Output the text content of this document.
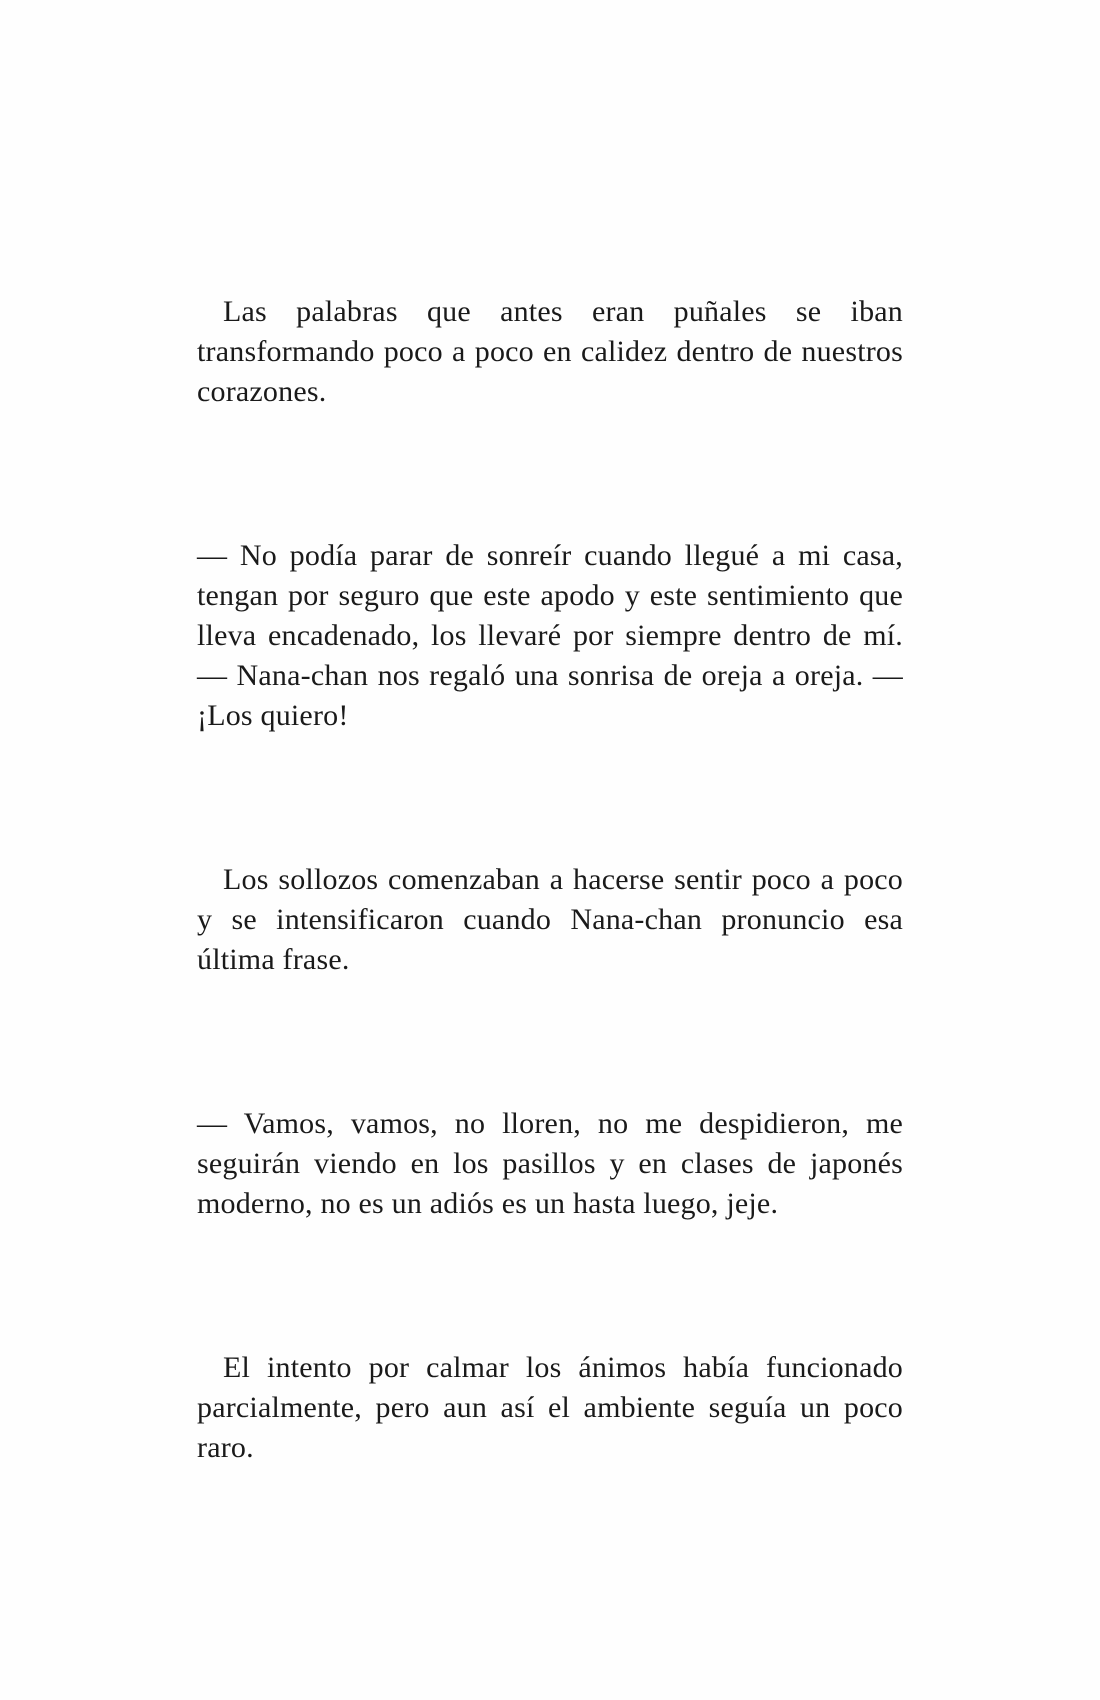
Las palabras que antes eran puñales se iban transformando poco a poco en calidez dentro de nuestros corazones.

— No podía parar de sonreír cuando llegué a mi casa, tengan por seguro que este apodo y este sentimiento que lleva encadenado, los llevaré por siempre dentro de mí. — Nana-chan nos regaló una sonrisa de oreja a oreja. — ¡Los quiero!

Los sollozos comenzaban a hacerse sentir poco a poco y se intensificaron cuando Nana-chan pronuncio esa última frase.

— Vamos, vamos, no lloren, no me despidieron, me seguirán viendo en los pasillos y en clases de japonés moderno, no es un adiós es un hasta luego, jeje.

El intento por calmar los ánimos había funcionado parcialmente, pero aun así el ambiente seguía un poco raro.
